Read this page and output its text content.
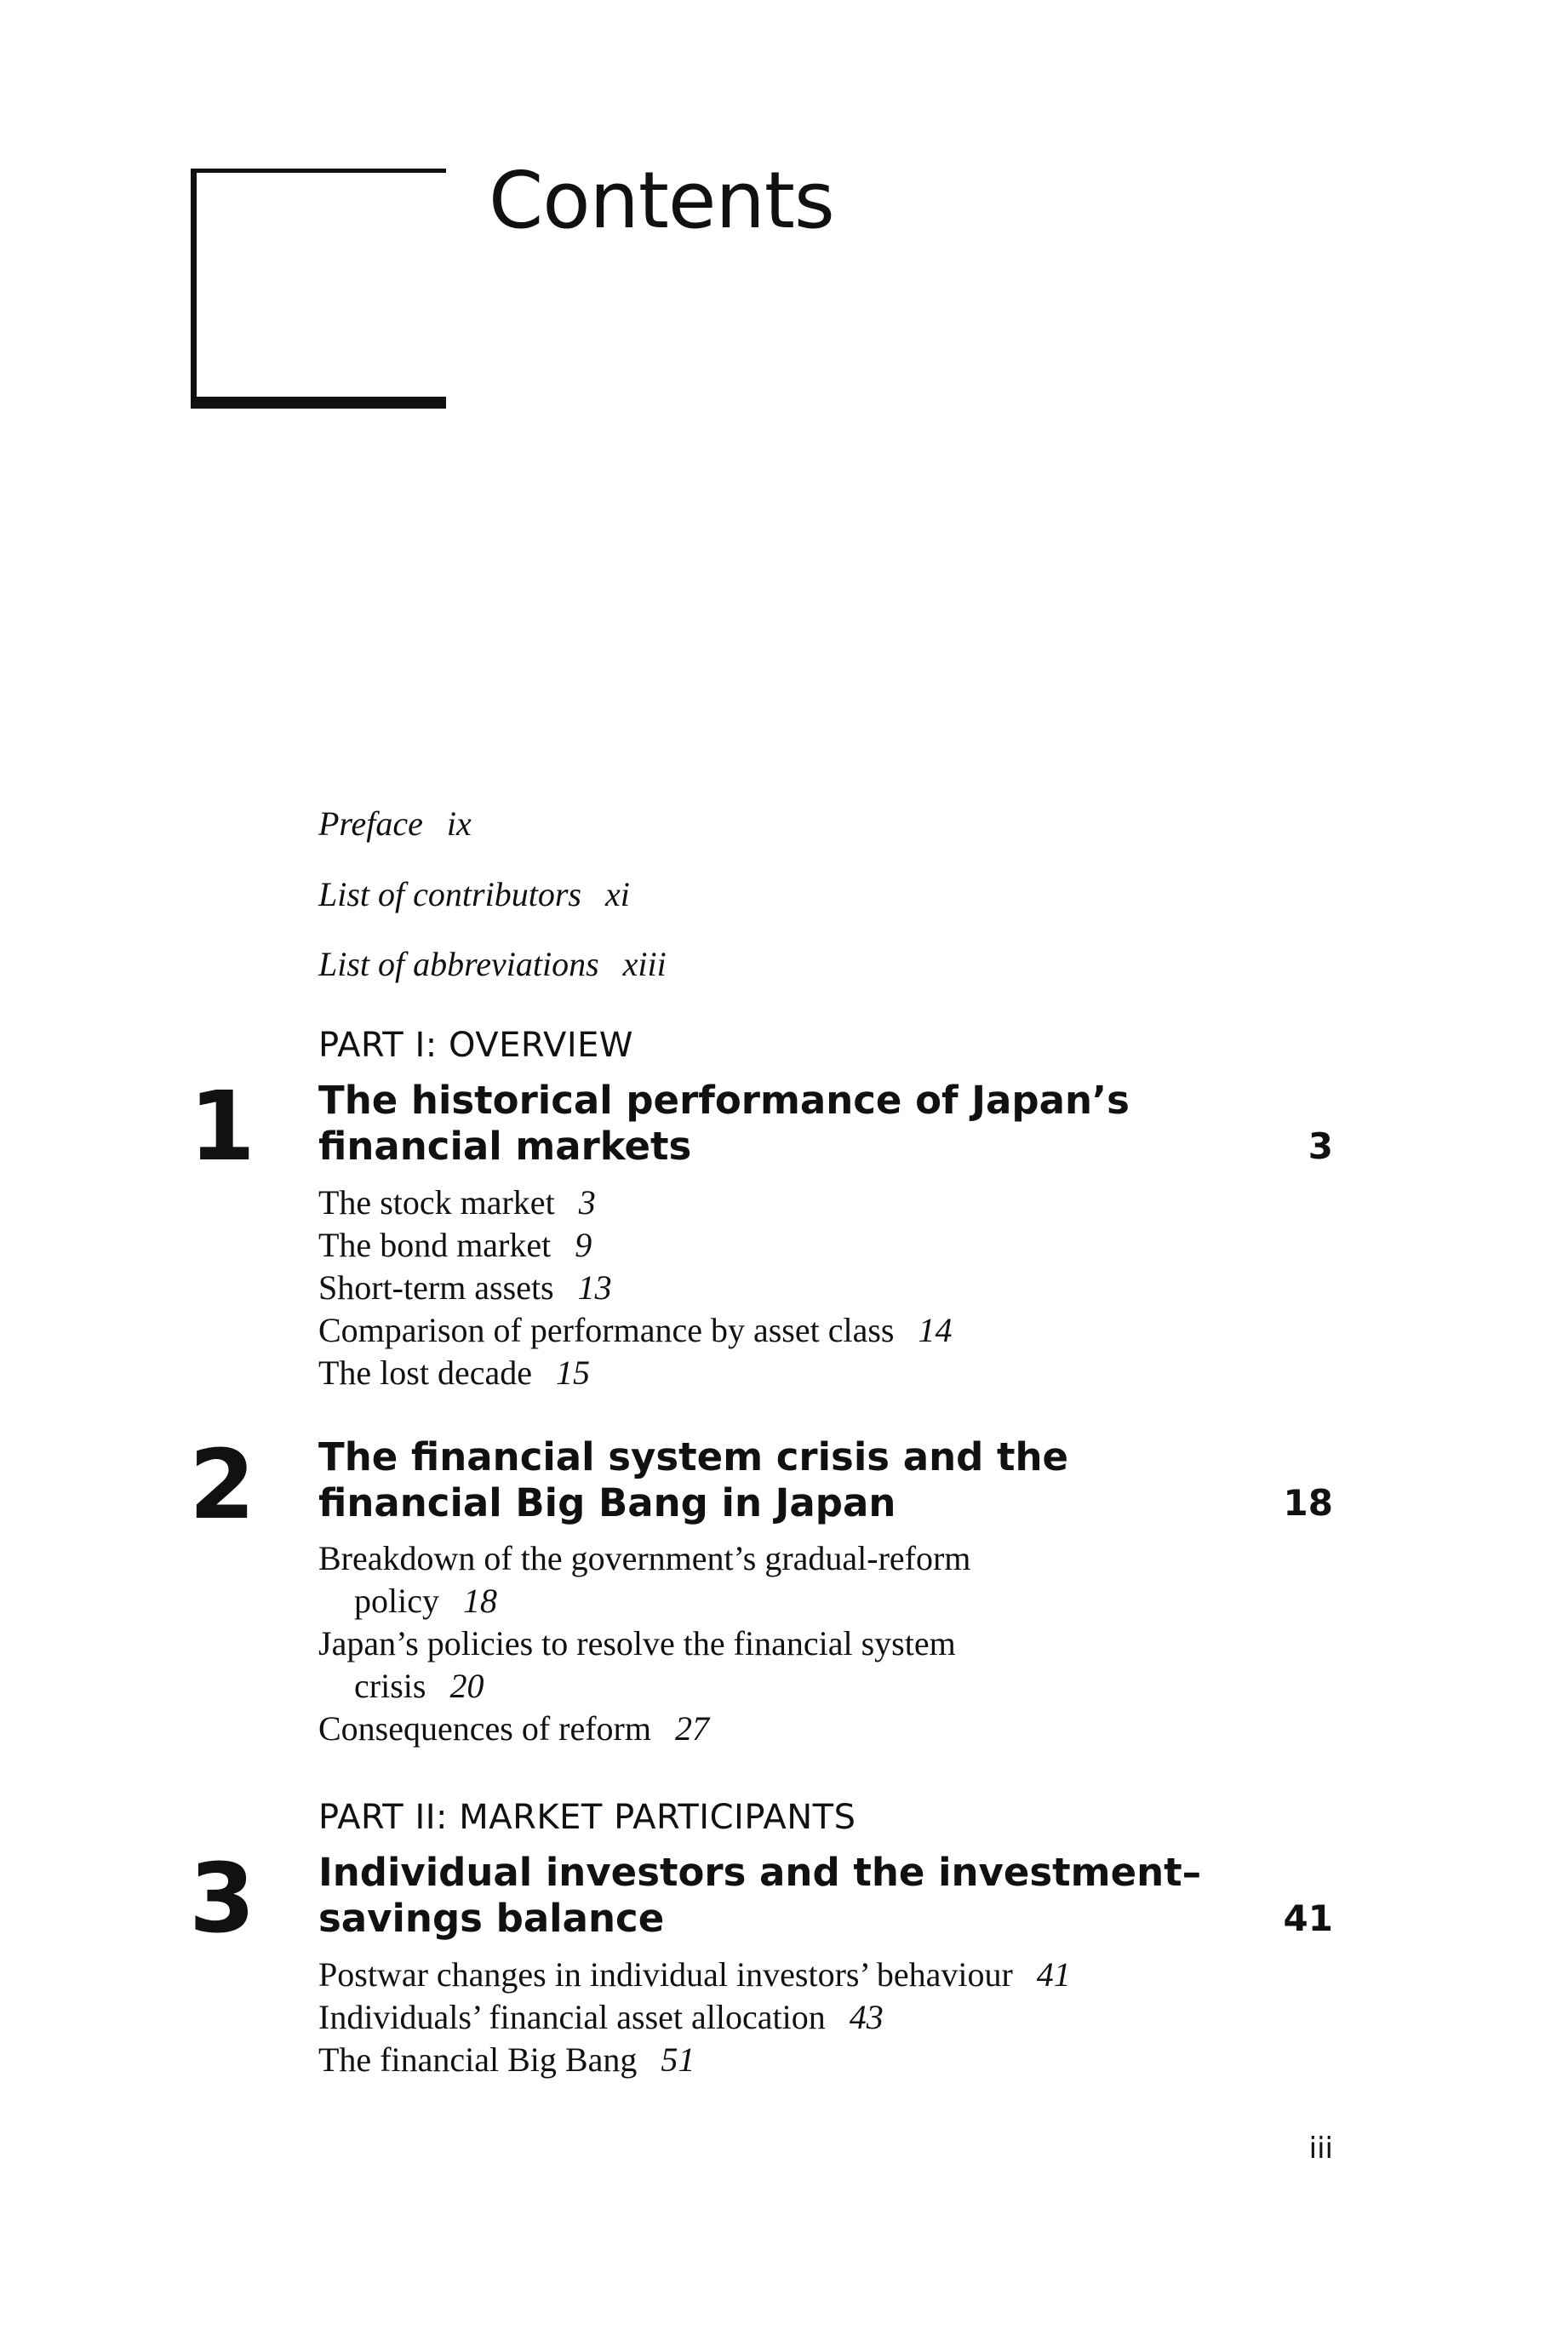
Contents
Preface ix
List of contributors xi
List of abbreviations xiii
PART I: OVERVIEW
1 The historical performance of Japan’s
financial markets	3
The stock market 3
The bond market 9
Short-term assets 13
Comparison of performance by asset class 14
The lost decade 15
2 The financial system crisis and the
financial Big Bang in Japan	18
Breakdown of the government’s gradual-reform
policy 18
Japan’s policies to resolve the financial system
crisis 20
Consequences of reform 27
PART II: MARKET PARTICIPANTS
3 Individual investors and the investment–
savings balance	41
Postwar changes in individual investors’ behaviour 41
Individuals’ financial asset allocation 43
The financial Big Bang 51
iii
